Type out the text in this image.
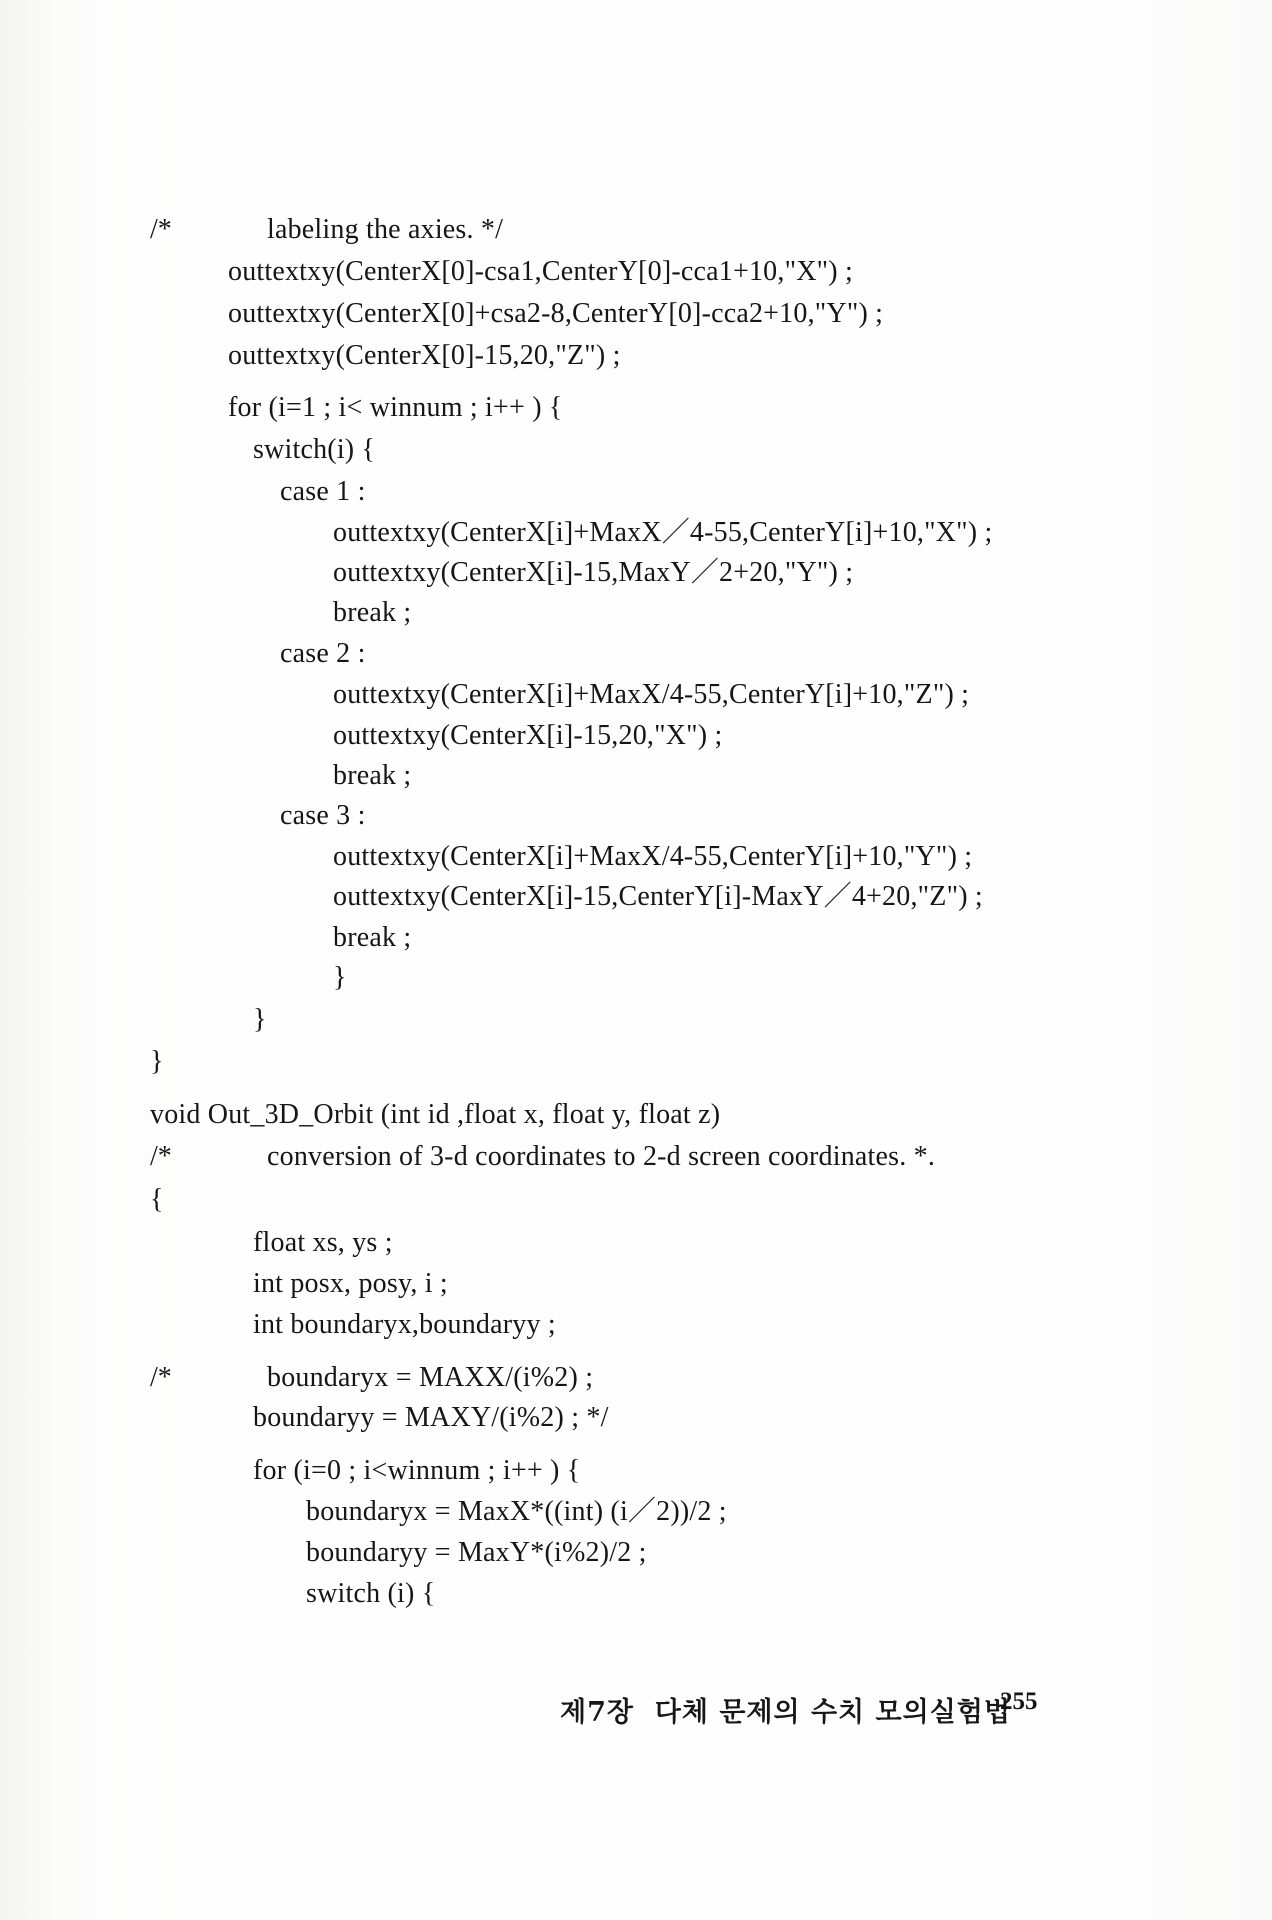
/*	labeling the axies. */
outtextxy(CenterX[0]-csa1,CenterY[0]-cca1+10,"X") ;
outtextxy(CenterX[0]+csa2-8,CenterY[0]-cca2+10,"Y") ;
outtextxy(CenterX[0]-15,20,"Z") ;
for (i=1 ; i< winnum ; i++ ) {
switch(i) {
case 1 :
outtextxy(CenterX[i]+MaxX／4-55,CenterY[i]+10,"X") ;
outtextxy(CenterX[i]-15,MaxY／2+20,"Y") ;
break ;
case 2 :
outtextxy(CenterX[i]+MaxX/4-55,CenterY[i]+10,"Z") ;
outtextxy(CenterX[i]-15,20,"X") ;
break ;
case 3 :
outtextxy(CenterX[i]+MaxX/4-55,CenterY[i]+10,"Y") ;
outtextxy(CenterX[i]-15,CenterY[i]-MaxY／4+20,"Z") ;
break ;
}
}
}
void Out_3D_Orbit (int id ,float x, float y, float z)
/*	conversion of 3-d coordinates to 2-d screen coordinates. *.
{
float xs, ys ;
int posx, posy, i ;
int boundaryx,boundaryy ;
/*	boundaryx = MAXX/(i%2) ;
boundaryy = MAXY/(i%2) ; */
for (i=0 ; i<winnum ; i++ ) {
boundaryx = MaxX*((int) (i／2))/2 ;
boundaryy = MaxY*(i%2)/2 ;
switch (i) {
제7장  다체 문제의 수치 모의실험법
255
